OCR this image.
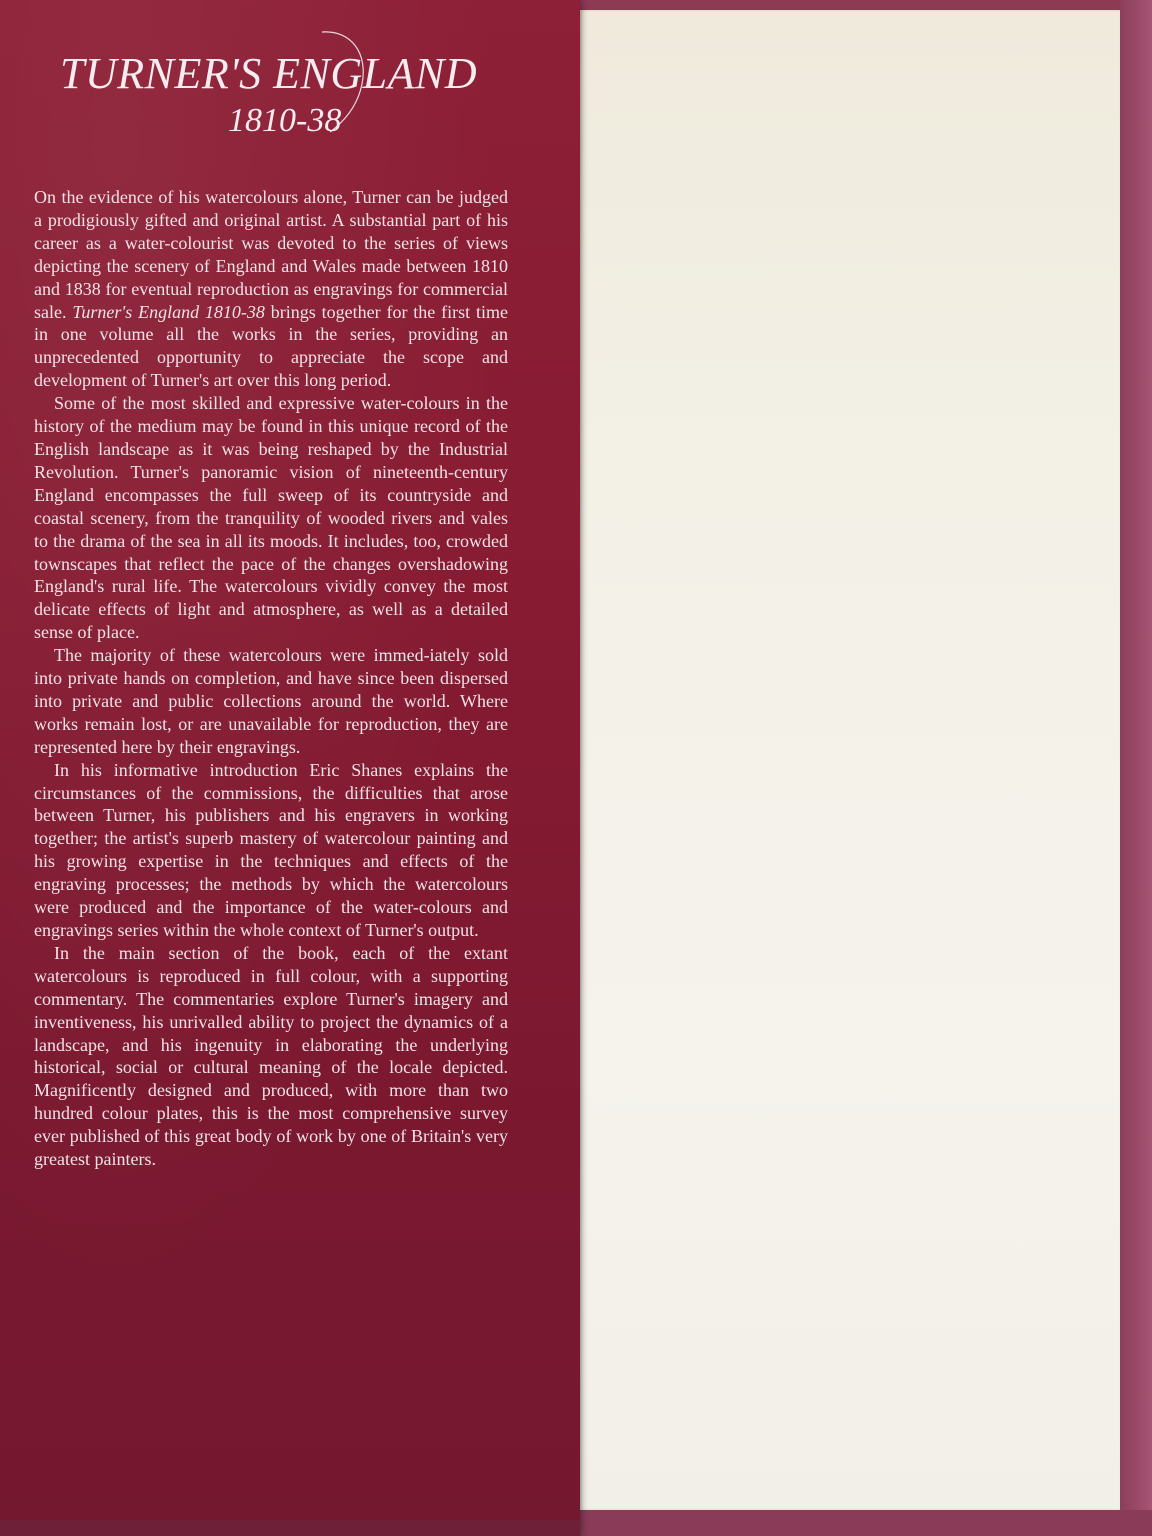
TURNER'S ENGLAND
1810-38

On the evidence of his watercolours alone, Turner can be judged a prodigiously gifted and original artist. A substantial part of his career as a water-colourist was devoted to the series of views depicting the scenery of England and Wales made between 1810 and 1838 for eventual reproduction as engravings for commercial sale. Turner's England 1810-38 brings together for the first time in one volume all the works in the series, providing an unprecedented opportunity to appreciate the scope and development of Turner's art over this long period.

Some of the most skilled and expressive water-colours in the history of the medium may be found in this unique record of the English landscape as it was being reshaped by the Industrial Revolution. Turner's panoramic vision of nineteenth-century England encompasses the full sweep of its countryside and coastal scenery, from the tranquility of wooded rivers and vales to the drama of the sea in all its moods. It includes, too, crowded townscapes that reflect the pace of the changes overshadowing England's rural life. The watercolours vividly convey the most delicate effects of light and atmosphere, as well as a detailed sense of place.

The majority of these watercolours were immed-iately sold into private hands on completion, and have since been dispersed into private and public collections around the world. Where works remain lost, or are unavailable for reproduction, they are represented here by their engravings.

In his informative introduction Eric Shanes explains the circumstances of the commissions, the difficulties that arose between Turner, his publishers and his engravers in working together; the artist's superb mastery of watercolour painting and his growing expertise in the techniques and effects of the engraving processes; the methods by which the watercolours were produced and the importance of the water-colours and engravings series within the whole context of Turner's output.

In the main section of the book, each of the extant watercolours is reproduced in full colour, with a supporting commentary. The commentaries explore Turner's imagery and inventiveness, his unrivalled ability to project the dynamics of a landscape, and his ingenuity in elaborating the underlying historical, social or cultural meaning of the locale depicted. Magnificently designed and produced, with more than two hundred colour plates, this is the most comprehensive survey ever published of this great body of work by one of Britain's very greatest painters.
